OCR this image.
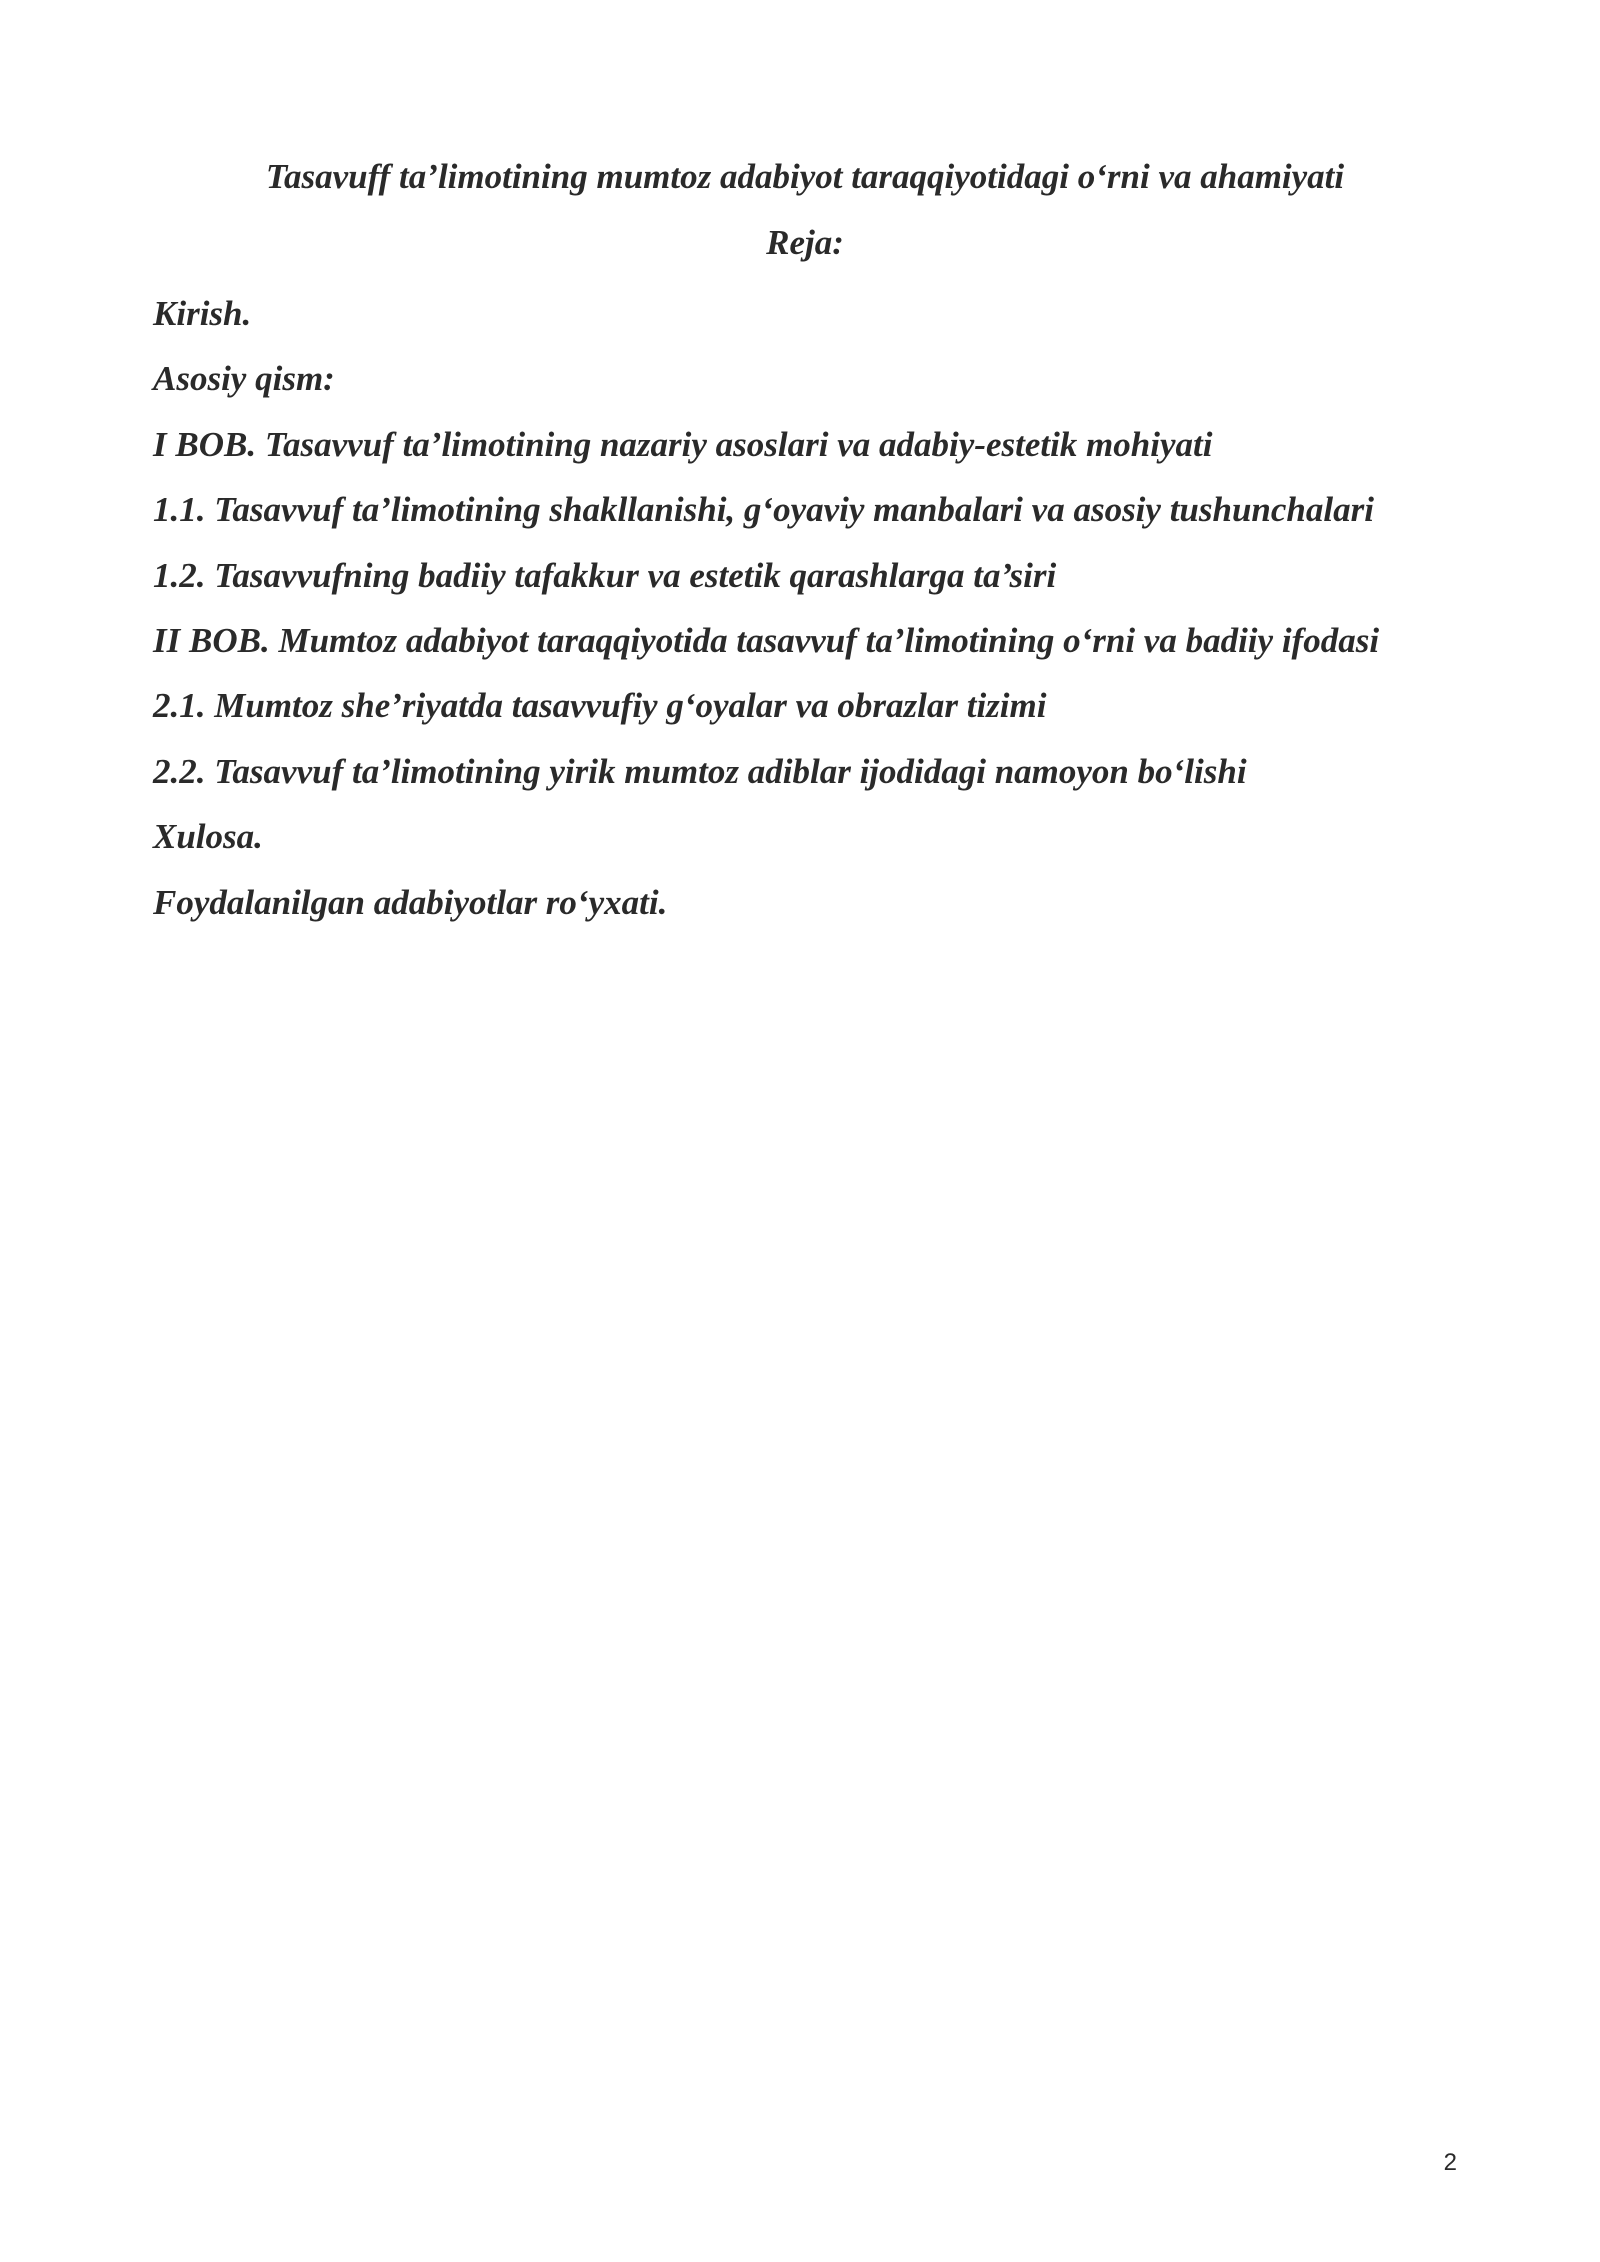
Tasavuff ta’limotining mumtoz adabiyot taraqqiyotidagi o‘rni va ahamiyati
Reja:
Kirish.
Asosiy qism:
I BOB. Tasavvuf ta’limotining nazariy asoslari va adabiy-estetik mohiyati
1.1. Tasavvuf ta’limotining shakllanishi, g‘oyaviy manbalari va asosiy tushunchalari
1.2. Tasavvufning badiiy tafakkur va estetik qarashlarga ta’siri
II BOB. Mumtoz adabiyot taraqqiyotida tasavvuf ta’limotining o‘rni va badiiy ifodasi
2.1. Mumtoz she’riyatda tasavvufiy g‘oyalar va obrazlar tizimi
2.2. Tasavvuf ta’limotining yirik mumtoz adiblar ijodidagi namoyon bo‘lishi
Xulosa.
Foydalanilgan adabiyotlar ro‘yxati.
2
